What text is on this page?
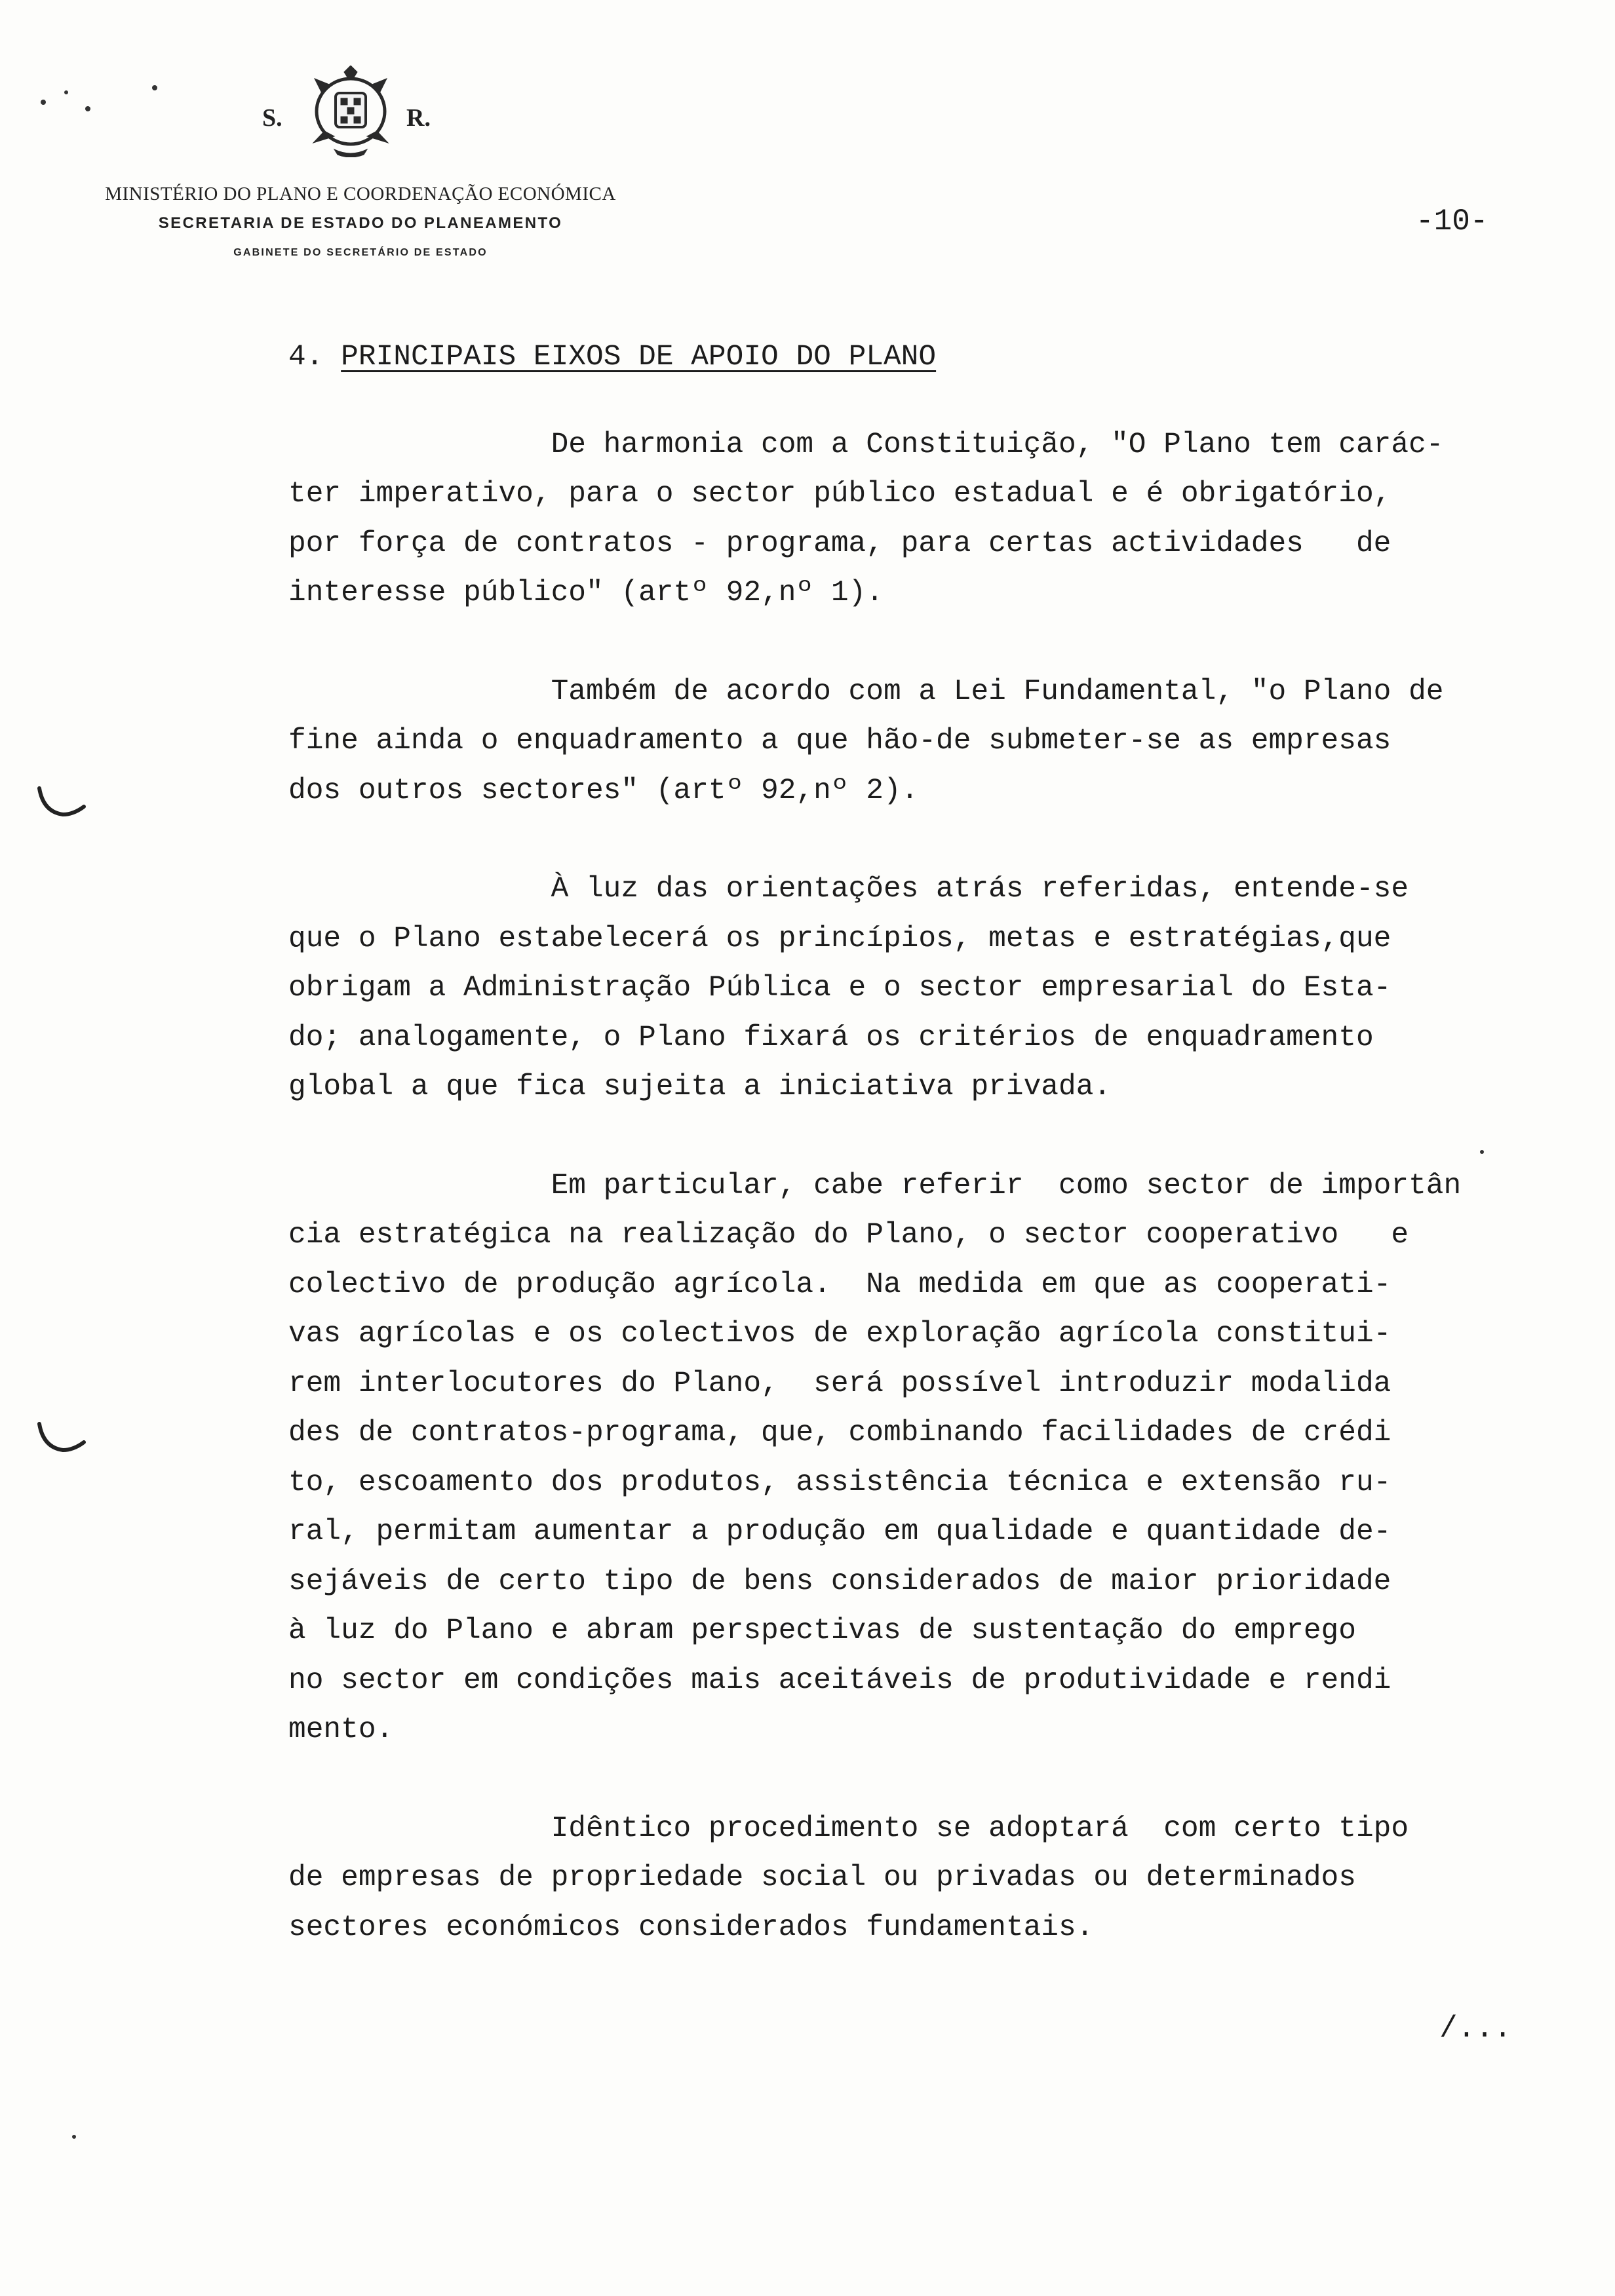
S.	R.
MINISTÉRIO DO PLANO E COORDENAÇÃO ECONÓMICA
SECRETARIA DE ESTADO DO PLANEAMENTO
GABINETE DO SECRETÁRIO DE ESTADO
-10-
4. PRINCIPAIS EIXOS DE APOIO DO PLANO
De harmonia com a Constituição, "O Plano tem carác-
ter imperativo, para o sector público estadual e é obrigatório,
por força de contratos - programa, para certas actividades   de
interesse público" (artº 92,nº 1).
Também de acordo com a Lei Fundamental, "o Plano de
fine ainda o enquadramento a que hão-de submeter-se as empresas
dos outros sectores" (artº 92,nº 2).
À luz das orientações atrás referidas, entende-se
que o Plano estabelecerá os princípios, metas e estratégias,que
obrigam a Administração Pública e o sector empresarial do Esta-
do; analogamente, o Plano fixará os critérios de enquadramento
global a que fica sujeita a iniciativa privada.
Em particular, cabe referir  como sector de importân
cia estratégica na realização do Plano, o sector cooperativo   e
colectivo de produção agrícola.  Na medida em que as cooperati-
vas agrícolas e os colectivos de exploração agrícola constitui-
rem interlocutores do Plano,  será possível introduzir modalida
des de contratos-programa, que, combinando facilidades de crédi
to, escoamento dos produtos, assistência técnica e extensão ru-
ral, permitam aumentar a produção em qualidade e quantidade de-
sejáveis de certo tipo de bens considerados de maior prioridade
à luz do Plano e abram perspectivas de sustentação do emprego
no sector em condições mais aceitáveis de produtividade e rendi
mento.
Idêntico procedimento se adoptará  com certo tipo
de empresas de propriedade social ou privadas ou determinados
sectores económicos considerados fundamentais.
/...
